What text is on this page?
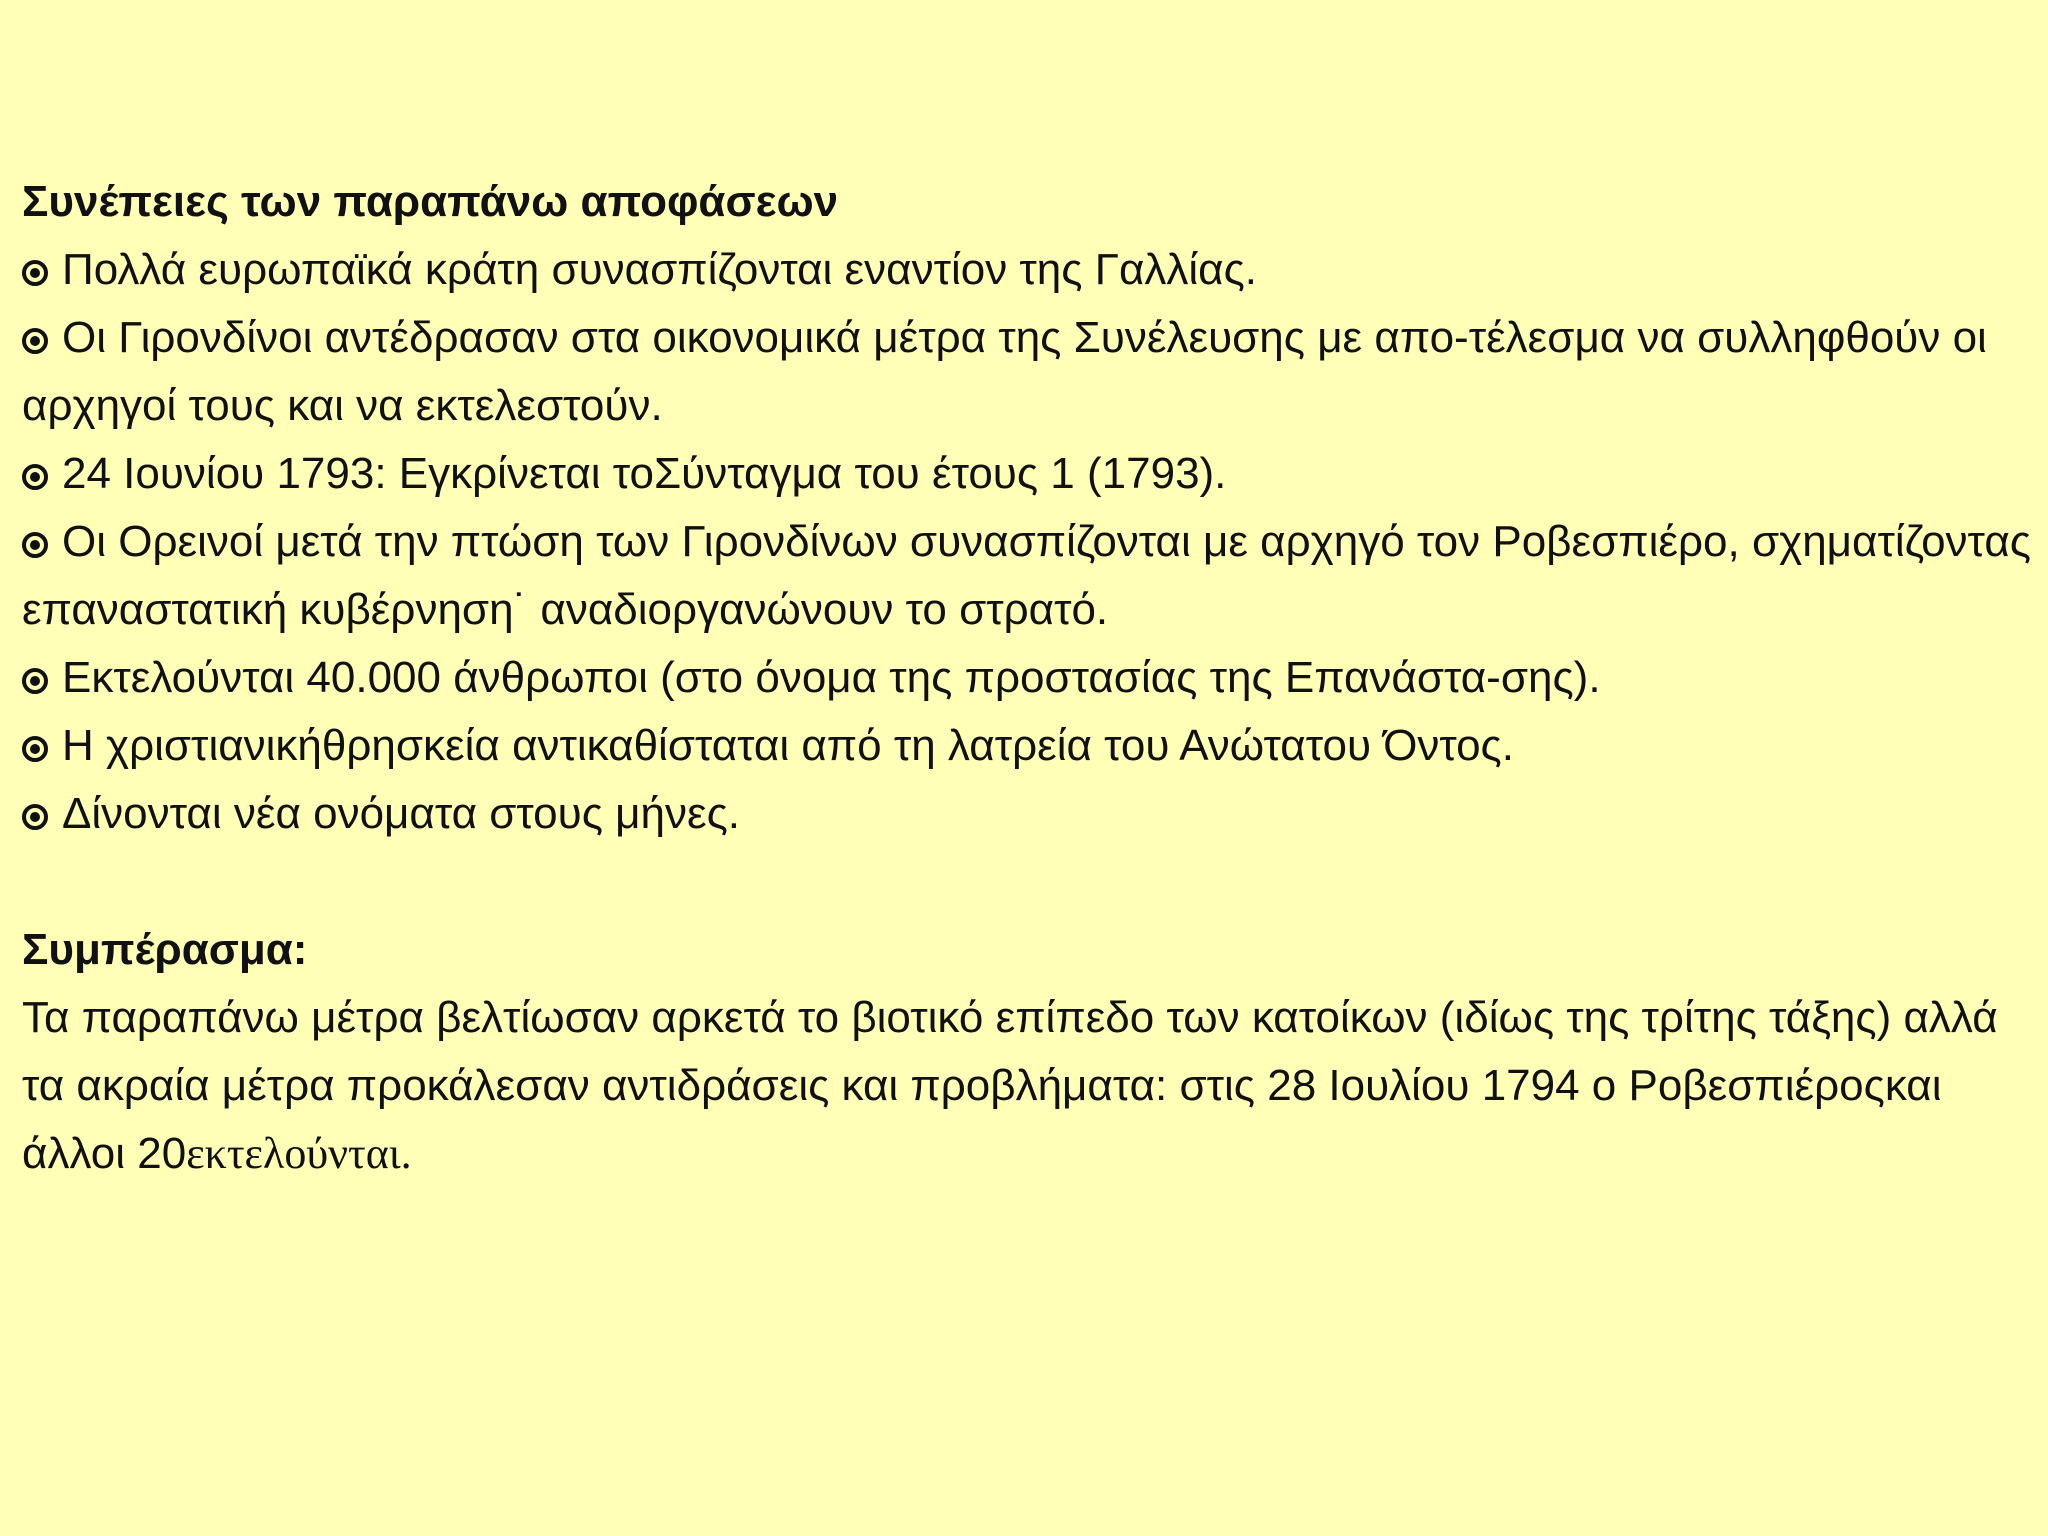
Συνέπειες των παραπάνω αποφάσεων
Πολλά ευρωπαϊκά κράτη συνασπίζονται εναντίον της Γαλλίας.
Οι Γιρονδίνοι αντέδρασαν στα οικονομικά μέτρα της Συνέλευσης με απο-τέλεσμα να συλληφθούν οι αρχηγοί τους και να εκτελεστούν.
24 Ιουνίου 1793: Εγκρίνεται τοΣύνταγμα του έτους 1 (1793).
Οι Ορεινοί μετά την πτώση των Γιρονδίνων συνασπίζονται με αρχηγό τον Ροβεσπιέρο, σχηματίζοντας επαναστατική κυβέρνηση˙ αναδιοργανώνουν το στρατό.
Εκτελούνται 40.000 άνθρωποι (στο όνομα της προστασίας της Επανάστα-σης).
Η χριστιανικήθρησκεία αντικαθίσταται από τη λατρεία του Ανώτατου Όντος.
Δίνονται νέα ονόματα στους μήνες.
Συμπέρασμα:
Τα παραπάνω μέτρα βελτίωσαν αρκετά το βιοτικό επίπεδο των κατοίκων (ιδίως της τρίτης τάξης) αλλά τα ακραία μέτρα προκάλεσαν αντιδράσεις και προβλήματα: στις 28 Ιουλίου 1794 ο Ροβεσπιέροςκαι άλλοι 20εκτελούνται.
